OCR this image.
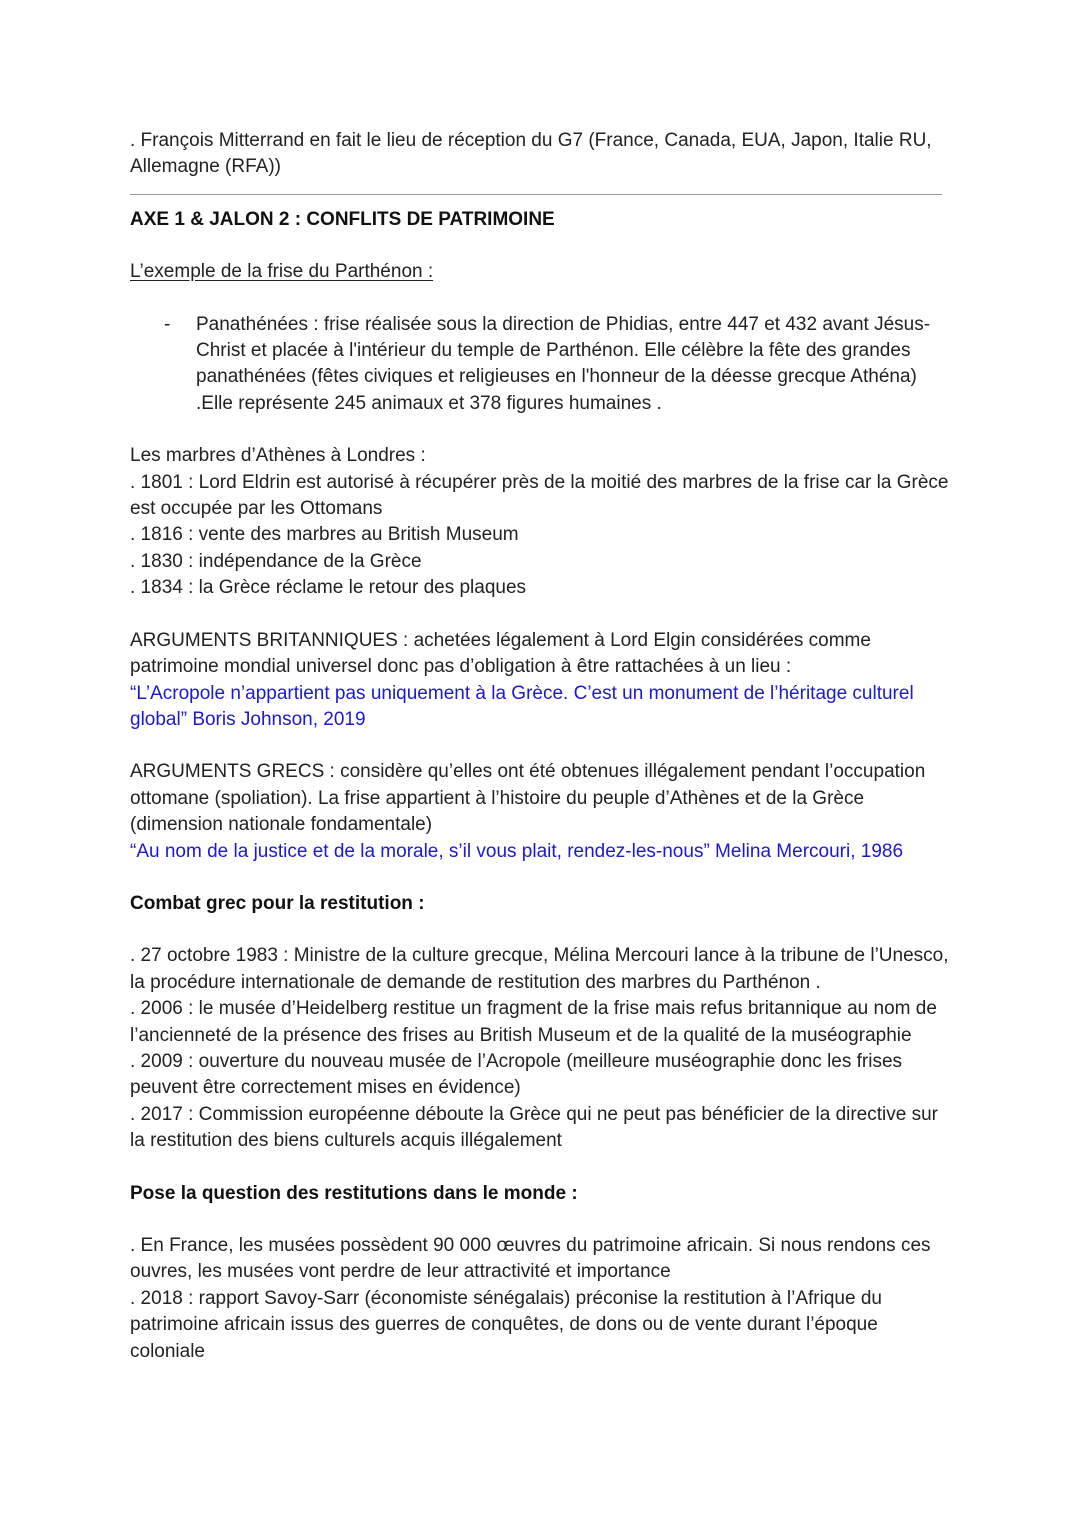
. François Mitterrand en fait le lieu de réception du G7 (France, Canada, EUA, Japon, Italie RU, Allemagne (RFA))

AXE 1 & JALON 2 : CONFLITS DE PATRIMOINE

L’exemple de la frise du Parthénon :

- Panathénées : frise réalisée sous la direction de Phidias, entre 447 et 432 avant Jésus-Christ et placée à l'intérieur du temple de Parthénon. Elle célèbre la fête des grandes panathénées (fêtes civiques et religieuses en l'honneur de la déesse grecque Athéna) .Elle représente 245 animaux et 378 figures humaines .

Les marbres d’Athènes à Londres :

. 1801 : Lord Eldrin est autorisé à récupérer près de la moitié des marbres de la frise car la Grèce est occupée par les Ottomans

. 1816 : vente des marbres au British Museum

. 1830 : indépendance de la Grèce

. 1834 : la Grèce réclame le retour des plaques

ARGUMENTS BRITANNIQUES : achetées légalement à Lord Elgin considérées comme patrimoine mondial universel donc pas d’obligation à être rattachées à un lieu :

“L’Acropole n’appartient pas uniquement à la Grèce. C’est un monument de l’héritage culturel global” Boris Johnson, 2019

ARGUMENTS GRECS : considère qu’elles ont été obtenues illégalement pendant l’occupation ottomane (spoliation). La frise appartient à l’histoire du peuple d’Athènes et de la Grèce (dimension nationale fondamentale)

“Au nom de la justice et de la morale, s’il vous plait, rendez-les-nous” Melina Mercouri, 1986

Combat grec pour la restitution :

. 27 octobre 1983 : Ministre de la culture grecque, Mélina Mercouri lance à la tribune de l’Unesco, la procédure internationale de demande de restitution des marbres du Parthénon .

. 2006 : le musée d’Heidelberg restitue un fragment de la frise mais refus britannique au nom de l’ancienneté de la présence des frises au British Museum et de la qualité de la muséographie

. 2009 : ouverture du nouveau musée de l’Acropole (meilleure muséographie donc les frises peuvent être correctement mises en évidence)

. 2017 : Commission européenne déboute la Grèce qui ne peut pas bénéficier de la directive sur la restitution des biens culturels acquis illégalement

Pose la question des restitutions dans le monde :

. En France, les musées possèdent 90 000 œuvres du patrimoine africain. Si nous rendons ces ouvres, les musées vont perdre de leur attractivité et importance

. 2018 : rapport Savoy-Sarr (économiste sénégalais) préconise la restitution à l’Afrique du patrimoine africain issus des guerres de conquêtes, de dons ou de vente durant l’époque coloniale
